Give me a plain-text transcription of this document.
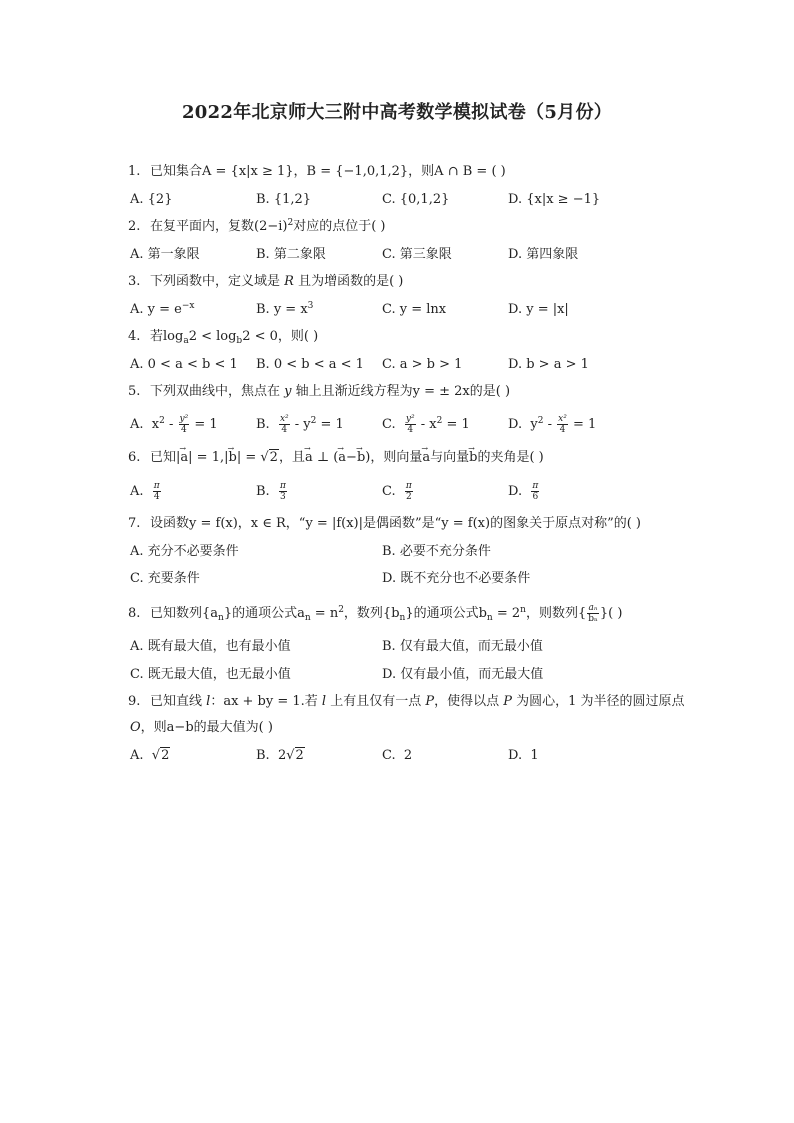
2022年北京师大三附中高考数学模拟试卷（5月份）
1. 已知集合A = {x|x ≥ 1}，B = {−1,0,1,2}，则A ∩ B = ( )
A. {2}	B. {1,2}	C. {0,1,2}	D. {x|x ≥ −1}
2. 在复平面内，复数$(2-i)^2$对应的点位于( )
A. 第一象限	B. 第二象限	C. 第三象限	D. 第四象限
3. 下列函数中，定义域是 R 且为增函数的是( )
A. $y = e^{-x}$	B. $y = x^3$	C. y = lnx	D. y = |x|
4. 若$\log_a2 < \log_b2 < 0$，则( )
A. 0 < a < b < 1 B. 0 < b < a < 1 C. a > b > 1	D. b > a > 1
5. 下列双曲线中，焦点在 y 轴上且渐近线方程为y = ± 2x的是( )
A. $x^2 - \frac{\text{y²}}{4} = 1$	B. $\frac{\text{x²}}{4} - y^2 = 1$	C. $\frac{\text{y²}}{4} - x^2 = 1$	D. $y^2 - \frac{\text{x²}}{4} = 1$
6. 已知|→ a| = 1,|→ b| = √2，且→ a ⊥ (→ a−→ b)，则向量→ a与向量→ b的夹角是( )
A. $\frac{\pi}{4}$	B. $\frac{\pi}{3}$	C. $\frac{\pi}{2}$	D. $\frac{\pi}{6}$
7. 设函数y = f(x)，x ∈ R，“y = |f(x)|是偶函数”是“y = f(x)的图象关于原点对称”的( )
A. 充分不必要条件	B. 必要不充分条件
C. 充要条件	D. 既不充分也不必要条件
8. 已知数列$\{a_n\}$的通项公式$a_n = n^2$，数列$\{b_n\}$的通项公式$b_n = 2^n$，则数列{ $\frac{\text{aₙ}}{\text{bₙ}}$ }( )
A. 既有最大值，也有最小值	B. 仅有最大值，而无最小值
C. 既无最大值，也无最小值	D. 仅有最小值，而无最大值
9. 已知直线 l：ax + by = 1.若 l 上有且仅有一点 P，使得以点 P 为圆心，1 为半径的圆过原点
O，则a−b的最大值为( )
A. √2	B. 2√2	C. 2	D. 1
